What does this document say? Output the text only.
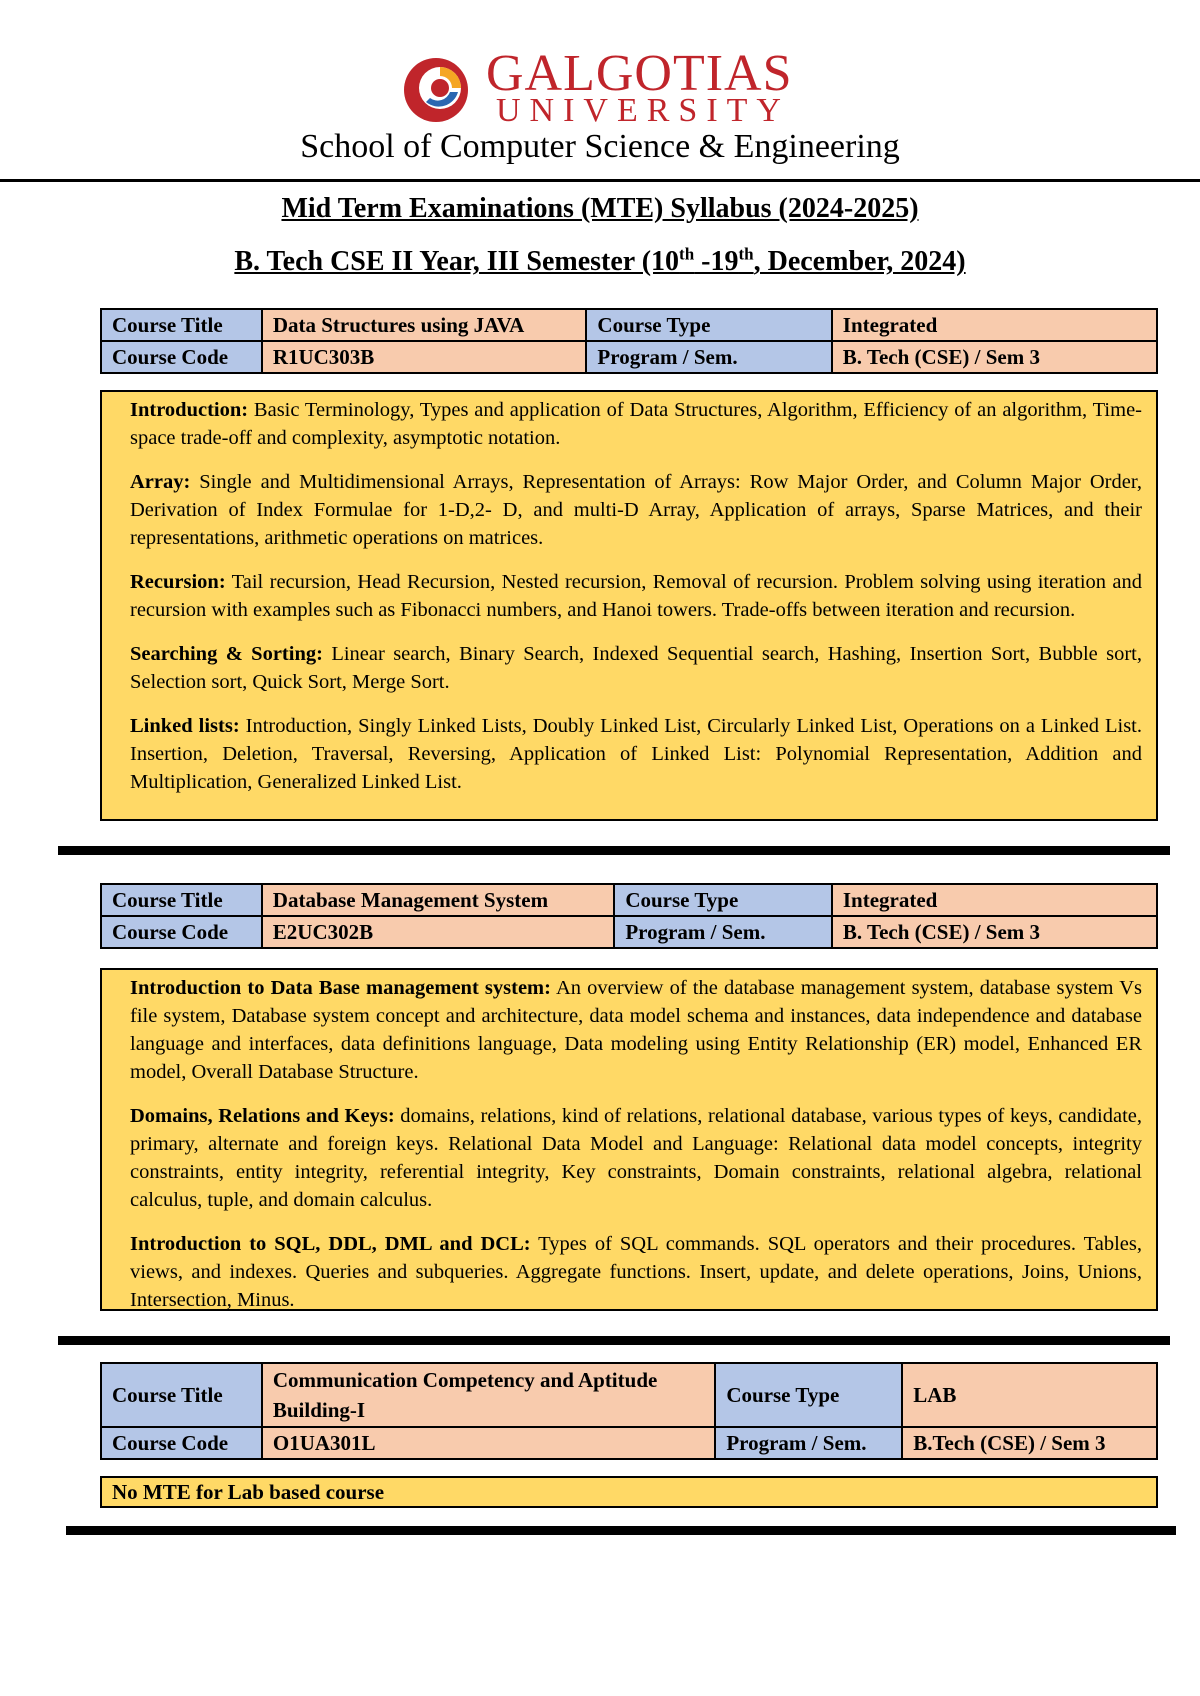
GALGOTIAS
UNIVERSITY
School of Computer Science & Engineering
Mid Term Examinations (MTE) Syllabus (2024-2025)
B. Tech CSE II Year, III Semester (10th -19th, December, 2024)
Course Title	Data Structures using JAVA	Course Type	Integrated
Course Code	R1UC303B	Program / Sem.	B. Tech (CSE) / Sem 3

Introduction: Basic Terminology, Types and application of Data Structures, Algorithm, Efficiency of an algorithm, Time-space trade-off and complexity, asymptotic notation.

Array: Single and Multidimensional Arrays, Representation of Arrays: Row Major Order, and Column Major Order, Derivation of Index Formulae for 1-D,2- D, and multi-D Array, Application of arrays, Sparse Matrices, and their representations, arithmetic operations on matrices.

Recursion: Tail recursion, Head Recursion, Nested recursion, Removal of recursion. Problem solving using iteration and recursion with examples such as Fibonacci numbers, and Hanoi towers. Trade-offs between iteration and recursion.

Searching & Sorting: Linear search, Binary Search, Indexed Sequential search, Hashing, Insertion Sort, Bubble sort, Selection sort, Quick Sort, Merge Sort.

Linked lists: Introduction, Singly Linked Lists, Doubly Linked List, Circularly Linked List, Operations on a Linked List. Insertion, Deletion, Traversal, Reversing, Application of Linked List: Polynomial Representation, Addition and Multiplication, Generalized Linked List.

Course Title	Database Management System	Course Type	Integrated
Course Code	E2UC302B	Program / Sem.	B. Tech (CSE) / Sem 3

Introduction to Data Base management system: An overview of the database management system, database system Vs file system, Database system concept and architecture, data model schema and instances, data independence and database language and interfaces, data definitions language, Data modeling using Entity Relationship (ER) model, Enhanced ER model, Overall Database Structure.

Domains, Relations and Keys: domains, relations, kind of relations, relational database, various types of keys, candidate, primary, alternate and foreign keys. Relational Data Model and Language: Relational data model concepts, integrity constraints, entity integrity, referential integrity, Key constraints, Domain constraints, relational algebra, relational calculus, tuple, and domain calculus.

Introduction to SQL, DDL, DML and DCL: Types of SQL commands. SQL operators and their procedures. Tables, views, and indexes. Queries and subqueries. Aggregate functions. Insert, update, and delete operations, Joins, Unions, Intersection, Minus.

Course Title	Communication Competency and Aptitude Building-I	Course Type	LAB
Course Code	O1UA301L	Program / Sem.	B.Tech (CSE) / Sem 3
No MTE for Lab based course
